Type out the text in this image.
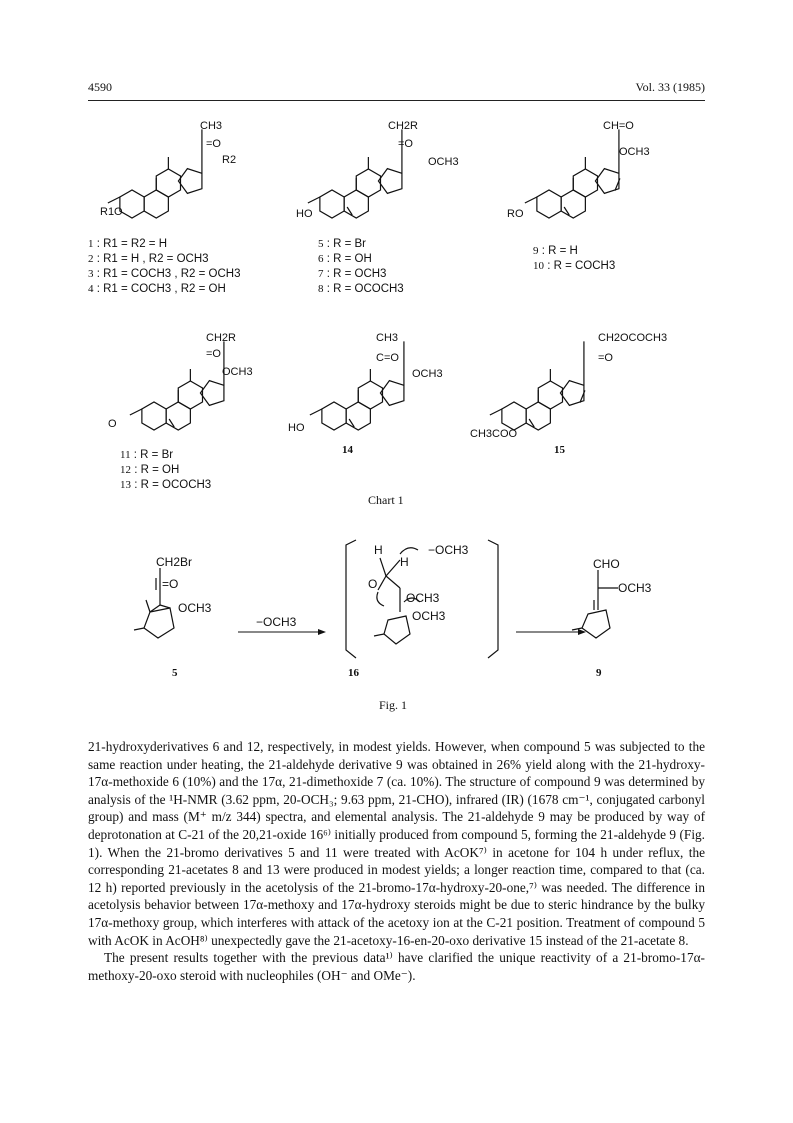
4590	Vol. 33 (1985)
CH3
=O
R2
R1O
1 : R1 = R2 = H
2 : R1 = H , R2 = OCH3
3 : R1 = COCH3 , R2 = OCH3
4 : R1 = COCH3 , R2 = OH
CH2R
=O
OCH3
HO
5 : R = Br
6 : R = OH
7 : R = OCH3
8 : R = OCOCH3
CH=O
OCH3
RO
9 : R = H
10 : R = COCH3
CH2R
=O
OCH3
O
11 : R = Br
12 : R = OH
13 : R = OCOCH3
CH3
C=O
OCH3
HO
14
CH2OCOCH3
=O
CH3COO
15
Chart 1
CH2Br
=O
OCH3
−OCH3
H
H
−OCH3
O
OCH3
OCH3
CHO
OCH3
5	16	9
Fig. 1

21-hydroxyderivatives 6 and 12, respectively, in modest yields. However, when compound 5 was subjected to the same reaction under heating, the 21-aldehyde derivative 9 was obtained in 26% yield along with the 21-hydroxy-17α-methoxide 6 (10%) and the 17α, 21-dimethoxide 7 (ca. 10%). The structure of compound 9 was determined by analysis of the ¹H-NMR (3.62 ppm, 20-OCH₃; 9.63 ppm, 21-CHO), infrared (IR) (1678 cm⁻¹, conjugated carbonyl group) and mass (M⁺ m/z 344) spectra, and elemental analysis. The 21-aldehyde 9 may be produced by way of deprotonation at C-21 of the 20,21-oxide 16⁶⁾ initially produced from compound 5, forming the 21-aldehyde 9 (Fig. 1). When the 21-bromo derivatives 5 and 11 were treated with AcOK⁷⁾ in acetone for 104 h under reflux, the corresponding 21-acetates 8 and 13 were produced in modest yields; a longer reaction time, compared to that (ca. 12 h) reported previously in the acetolysis of the 21-bromo-17α-hydroxy-20-one,⁷⁾ was needed. The difference in acetolysis behavior between 17α-methoxy and 17α-hydroxy steroids might be due to steric hindrance by the bulky 17α-methoxy group, which interferes with attack of the acetoxy ion at the C-21 position. Treatment of compound 5 with AcOK in AcOH⁸⁾ unexpectedly gave the 21-acetoxy-16-en-20-oxo derivative 15 instead of the 21-acetate 8.

The present results together with the previous data¹⁾ have clarified the unique reactivity of a 21-bromo-17α-methoxy-20-oxo steroid with nucleophiles (OH⁻ and OMe⁻).
